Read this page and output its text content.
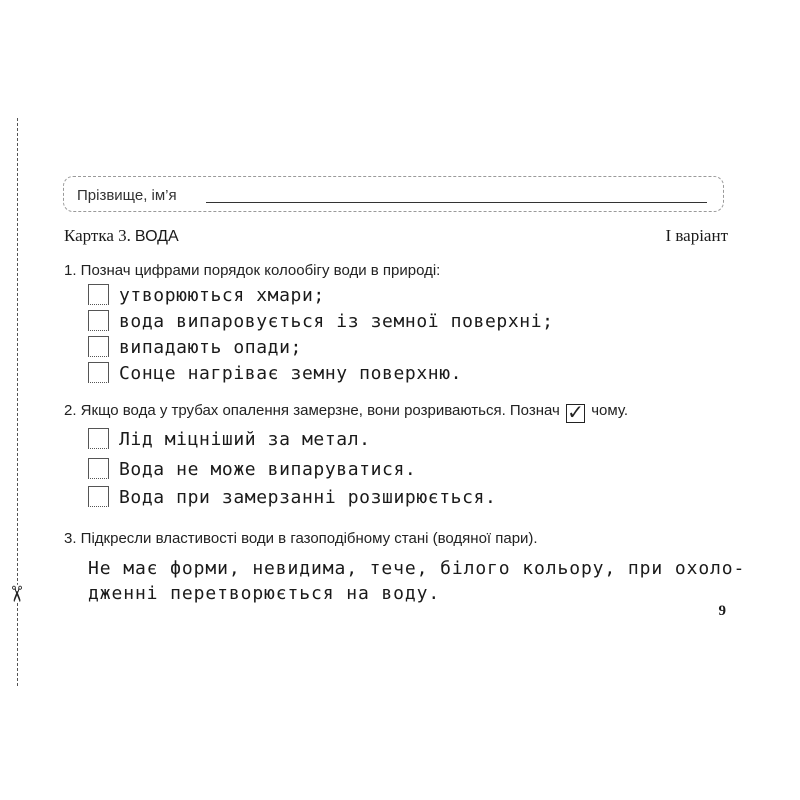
✂
Прізвище, ім’я
Картка 3. ВОДА	І варіант
1. Познач цифрами порядок колообігу води в природі:
утворюються хмари;
вода випаровується із земної поверхні;
випадають опади;
Сонце нагріває земну поверхню.
2. Якщо вода у трубах опалення замерзне, вони розриваються. Познач ✓ чому.
Лід міцніший за метал.
Вода не може випаруватися.
Вода при замерзанні розширюється.
3. Підкресли властивості води в газоподібному стані (водяної пари).
Не має форми, невидима, тече, білого кольору, при охоло-
дженні перетворюється на воду.
9
